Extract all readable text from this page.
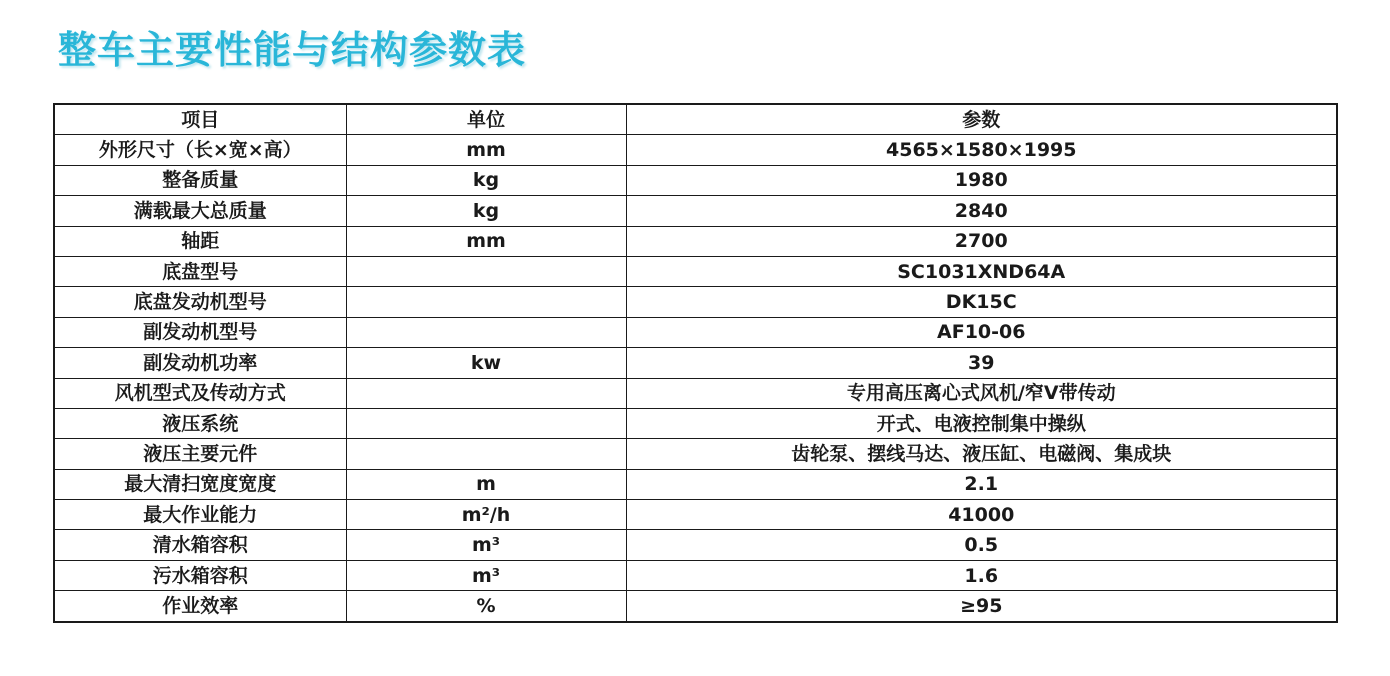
整车主要性能与结构参数表
项目	单位	参数
外形尺寸（长×宽×高）	mm	4565×1580×1995
整备质量	kg	1980
满载最大总质量	kg	2840
轴距	mm	2700
底盘型号		SC1031XND64A
底盘发动机型号		DK15C
副发动机型号		AF10-06
副发动机功率	kw	39
风机型式及传动方式		专用高压离心式风机/窄V带传动
液压系统		开式、电液控制集中操纵
液压主要元件		齿轮泵、摆线马达、液压缸、电磁阀、集成块
最大清扫宽度宽度	m	2.1
最大作业能力	m²/h	41000
清水箱容积	m³	0.5
污水箱容积	m³	1.6
作业效率	%	≥95
